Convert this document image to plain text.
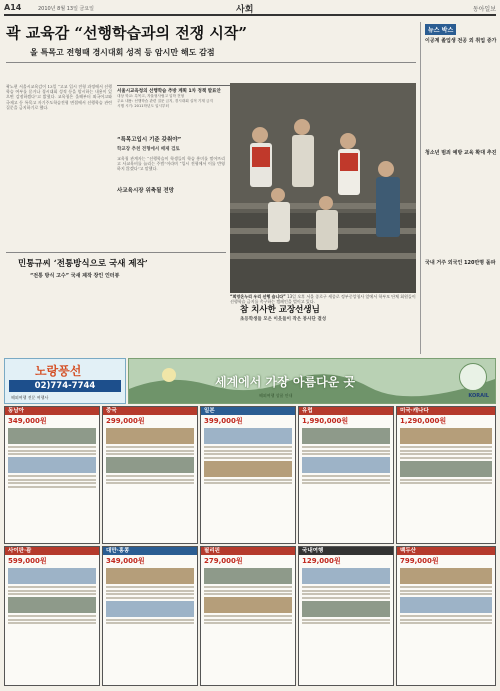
A14	2010년 8월 13일 금요일	사회	동아일보
곽 교육감 “선행학습과의 전쟁 시작”
올 특목고 전형때 경시대회 성적 등 암시만 해도 감점

곽노현 서울시교육감이 13일 “고교 입시 전형 과정에서 선행학습 여부를 묻거나 경시대회 성적 등을 암시하는 내용이 있으면 감점하겠다”고 밝혔다. 교육청은 올해부터 외국어고와 국제고 등 특목고 자기주도학습전형 면접에서 선행학습 관련 질문을 금지하기로 했다.

서울시교육청의 선행학습 추방 계획 1차 정책 발표안
대상 학교: 특목고, 자율형사립고 입학 전형
주요 내용: 선행학습 관련 질문 금지, 경시대회 실적 기재 금지
시행 시기: 2011학년도 입시부터
“특목고입시 기준 갖춰야”
학교장 추천 전형에서 배제 검토
사교육시장 위축될 전망

교육청 관계자는 “선행학습이 학생들의 학습 흥미를 떨어뜨리고 사교육비를 늘리는 주범”이라며 “입시 전형에서 이를 반영하지 않겠다”고 말했다.

“희망온누리 우리 선행 습니다” 13일 오후 서울 종로구 세종로 정부중앙청사 앞에서 학부모 단체 회원들이 선행학습 금지를 촉구하는 캠페인을 벌이고 있다.
뉴스 박스
이공계 졸업생 전공 외 취업 증가
청소년 범죄 예방 교육 확대 추진
국내 거주 외국인 120만명 돌파
민통규씨 ‘전통방식으로 국새 제작’
“전통 방식 고수” 국새 제작 장인 인터뷰
참 치사한 교장선생님
초등학생들 모은 이웃들이 작은 봉사단 결성
노랑풍선
02)774-7744
해외여행 전문 여행사
세계에서 가장 아름다운 곳
해외여행 상품 안내	KORAIL
동남아
349,000원
중국
299,000원
일본
399,000원
유럽
1,990,000원
미국·캐나다
1,290,000원
사이판·괌
599,000원
대만·홍콩
349,000원
필리핀
279,000원
국내여행
129,000원
백두산
799,000원
